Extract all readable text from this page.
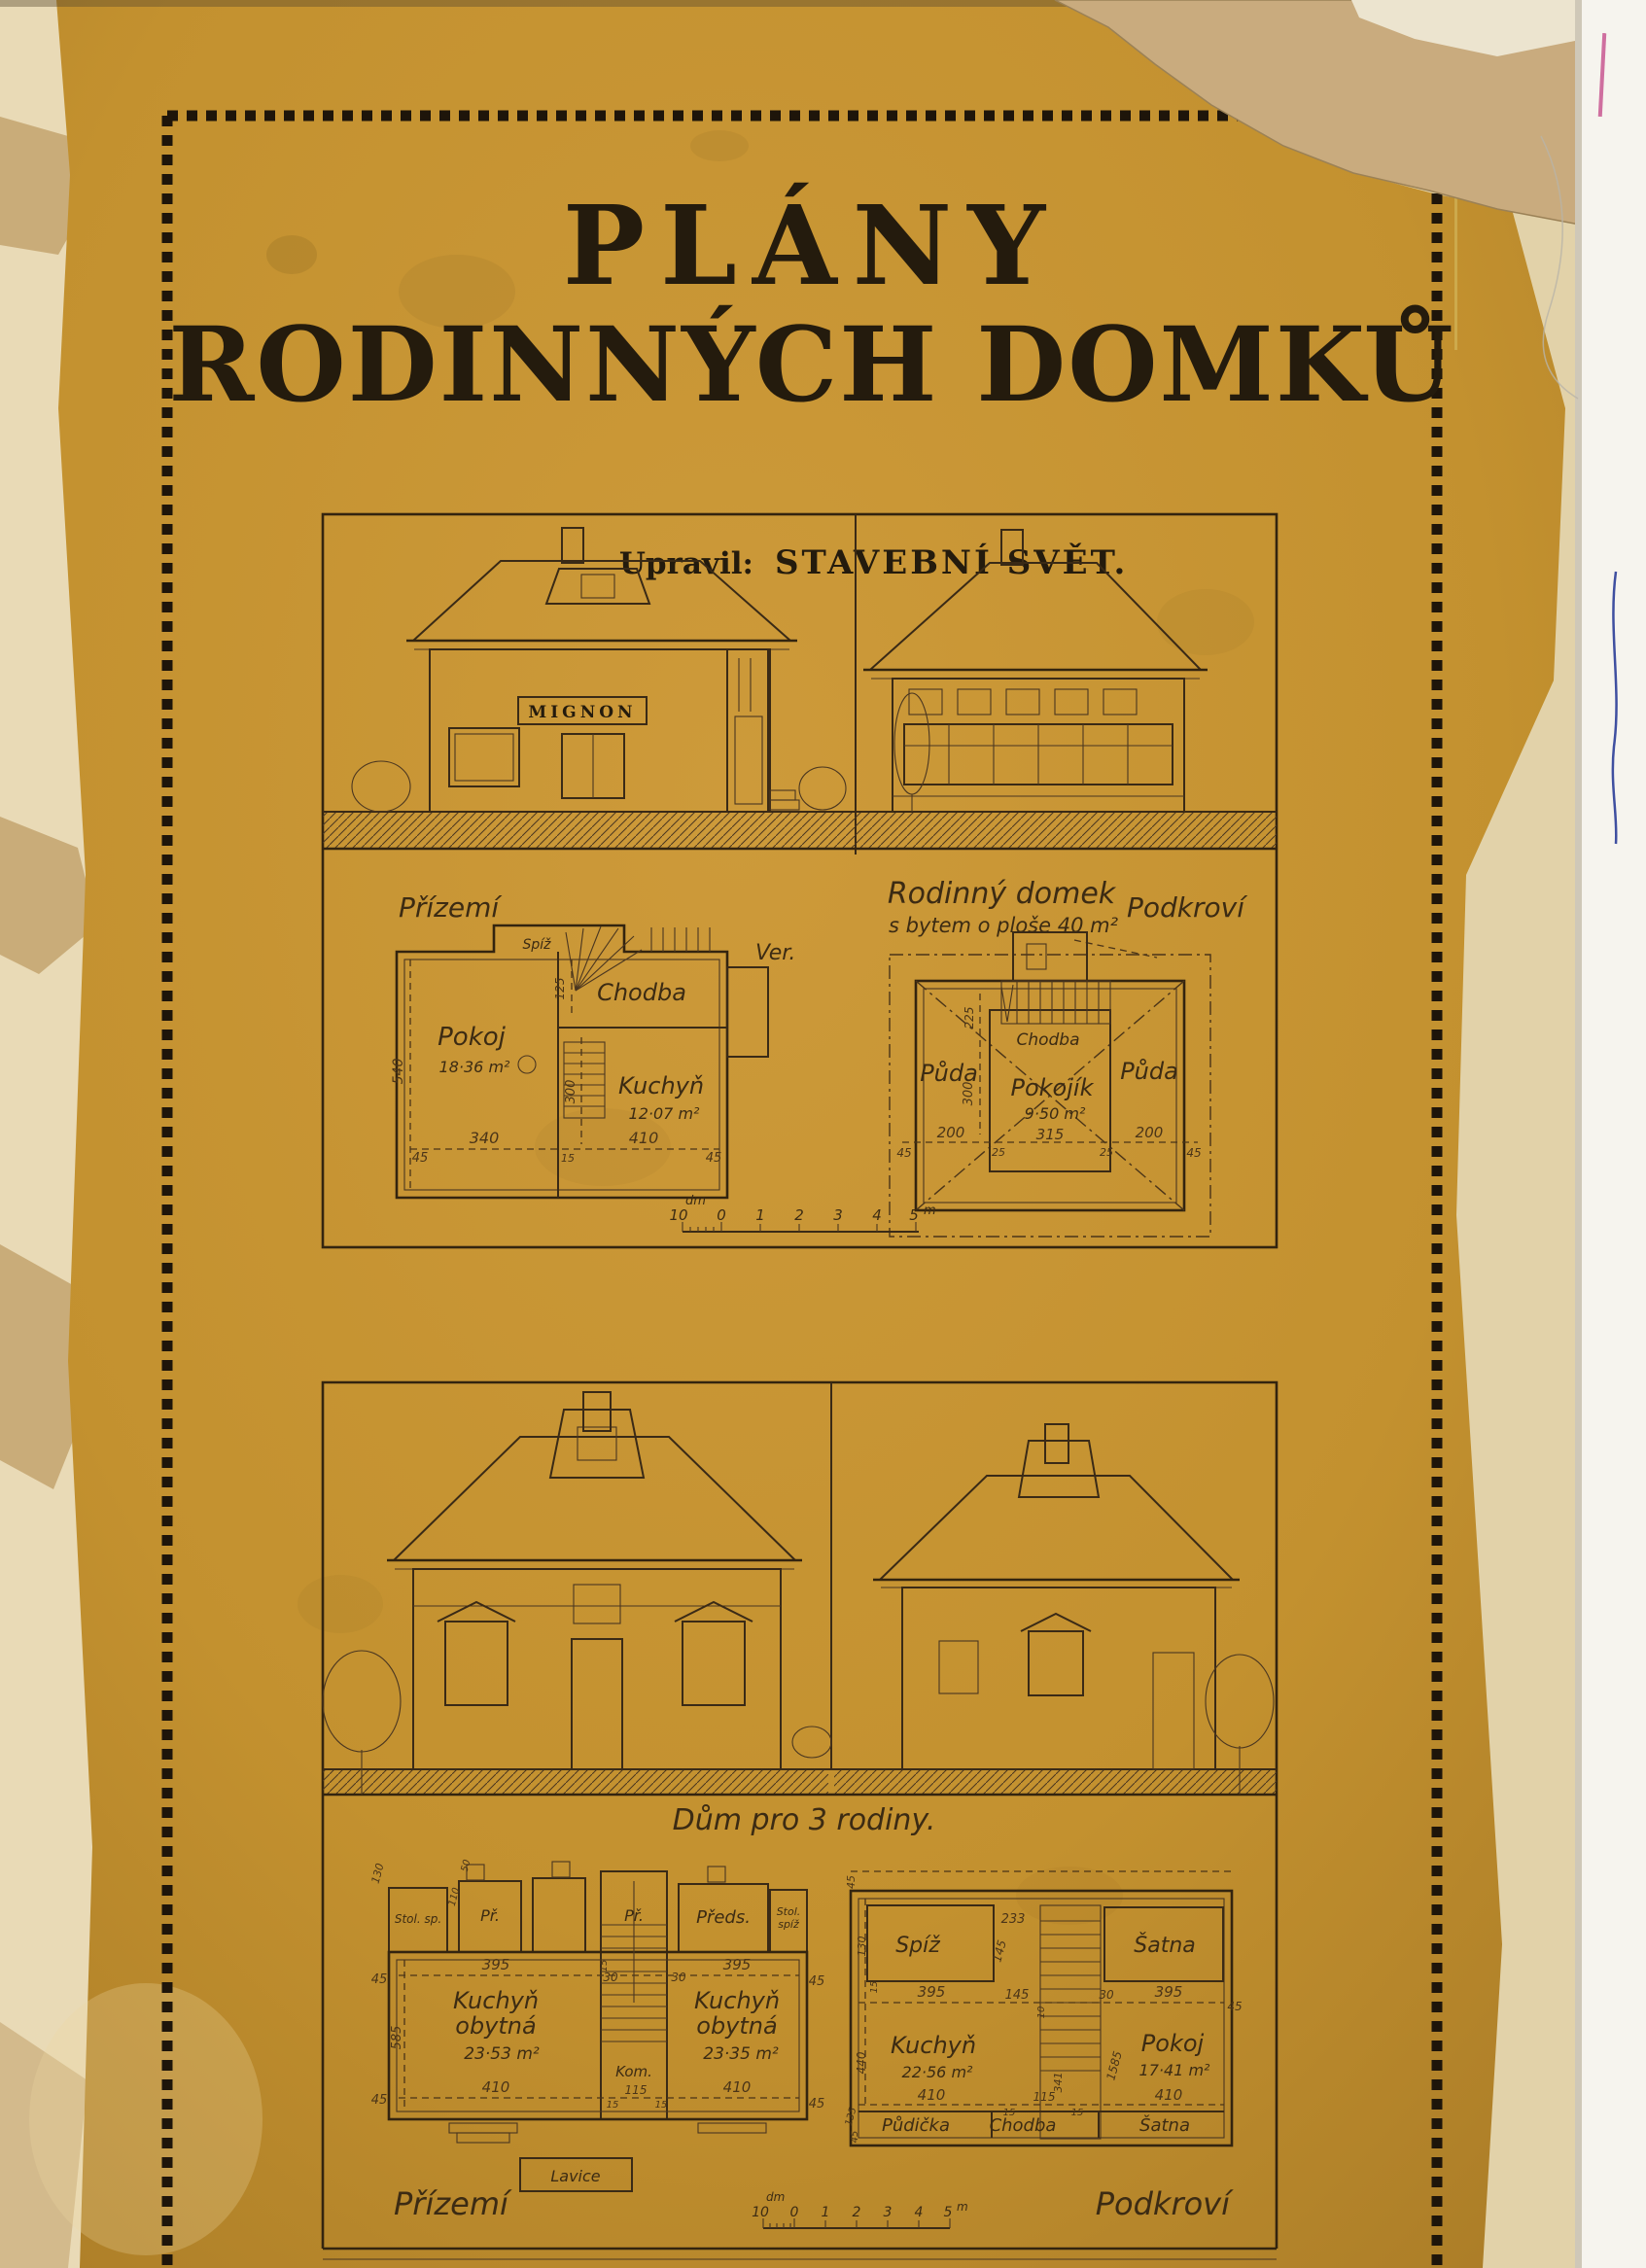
PLÁNY
RODINNÝCH DOMKŮ
Upravil: STAVEBNÍ SVĚT.
MIGNON
Rodinný domek
s bytem o ploše 40 m²
Přízemí	Podkroví
Pokoj
18·36 m²
Chodba
Ver.
Kuchyň
12·07 m²
Spíž
540
125
300
340	410
15
45	45
Půda
Chodba
Pokojík
9·50 m²
Půda
225
300
200	315	200
25	25
45	45
dm
10 0 1 2 3 4 5 m
Dům pro 3 rodiny.
Stol. sp. Př.	Př.	Předs. Stol.
spíž
Kuchyň
obytná
23·53 m²
Kuchyň
obytná
23·35 m²
Kom.
Lavice
395
30	30
395
45	45
585
15
130
110
50
410
15
115
15
410
45	45
Přízemí
Spíž	Šatna
Kuchyň
22·56 m²
Pokoj
17·41 m²
Půdička Chodba	Šatna
45
130
15
233
145
395	145
10
30	395
45
440	1585
341
410
15
115
15
410
135
45
Podkroví
dm
10 0 1 2 3 4 5 m
